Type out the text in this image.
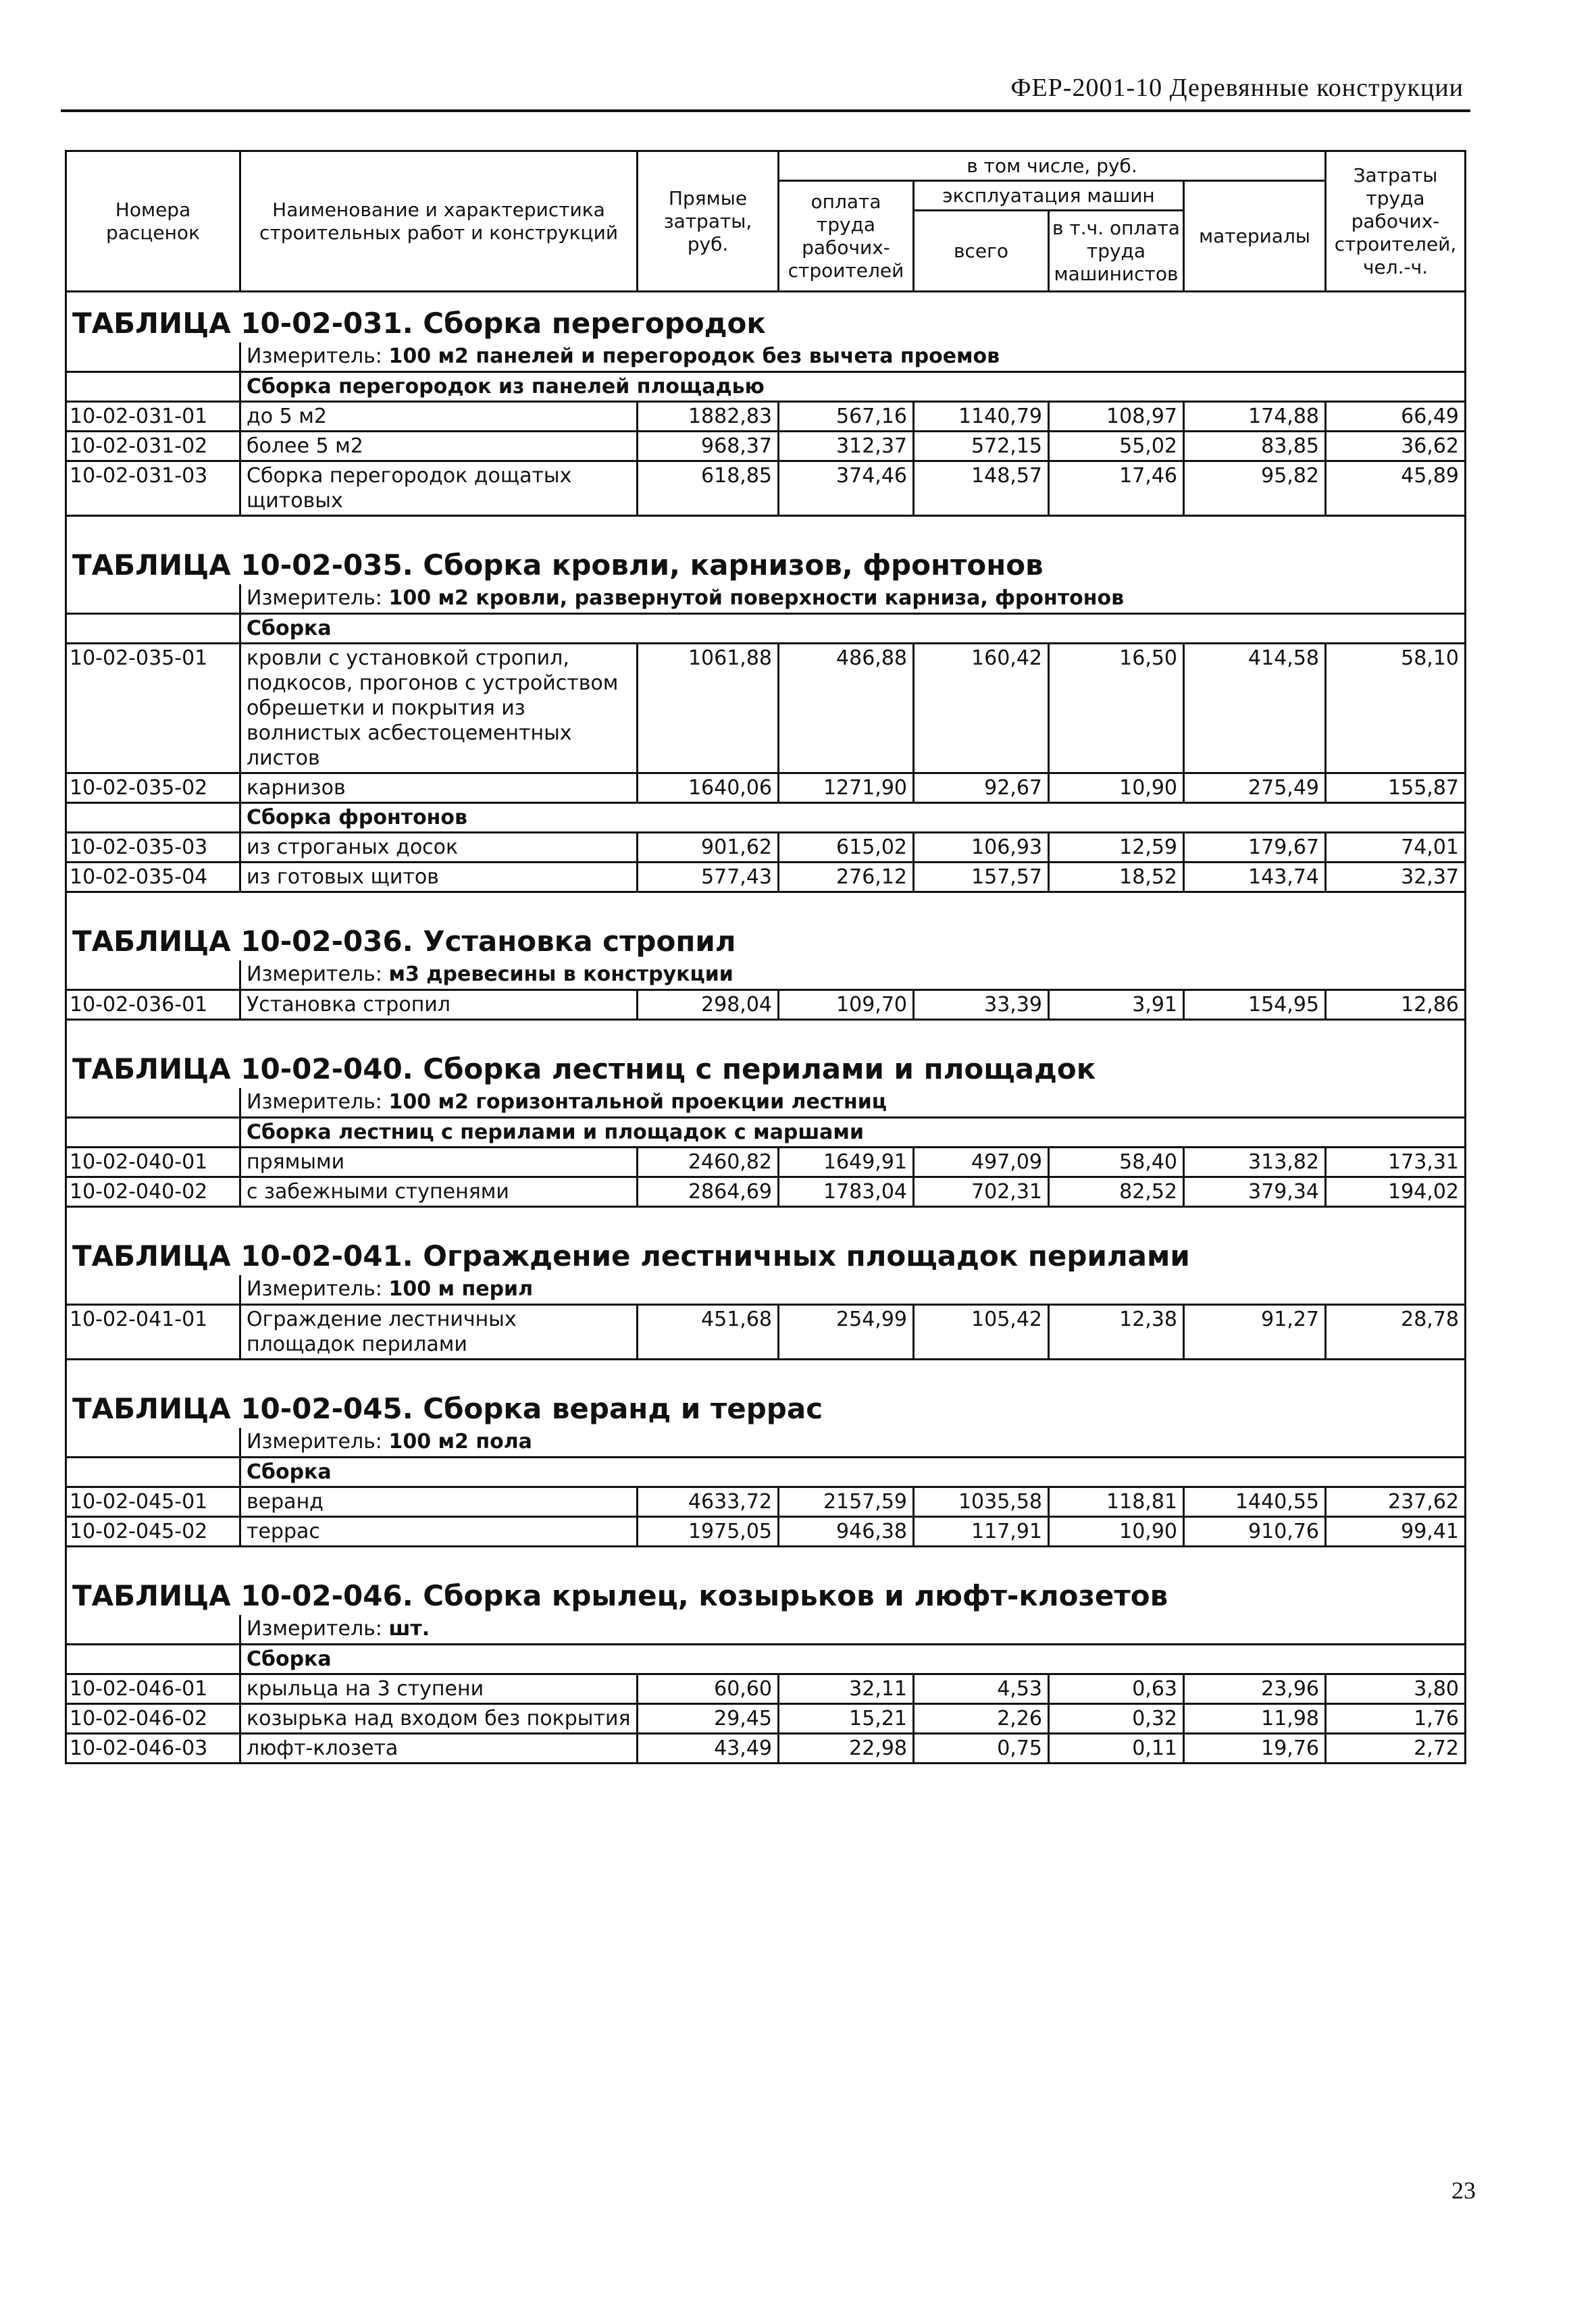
ФЕР-2001-10 Деревянные конструкции
Номера расценок	Наименование и характеристика строительных работ и конструкций	Прямые затраты, руб.	в том числе, руб.				Затраты труда рабочих-строителей, чел.-ч.
			оплата труда рабочих-строителей	эксплуатация машин		материалы	
				всего	в т.ч. оплата труда машинистов		

ТАБЛИЦА 10-02-031. Сборка перегородок							
	Измеритель: 100 м2 панелей и перегородок без вычета проемов						
	Сборка перегородок из панелей площадью						
10-02-031-01	до 5 м2	1882,83	567,16	1140,79	108,97	174,88	66,49
10-02-031-02	более 5 м2	968,37	312,37	572,15	55,02	83,85	36,62
10-02-031-03	Сборка перегородок дощатых щитовых	618,85	374,46	148,57	17,46	95,82	45,89

ТАБЛИЦА 10-02-035. Сборка кровли, карнизов, фронтонов							
	Измеритель: 100 м2 кровли, развернутой поверхности карниза, фронтонов						
	Сборка						
10-02-035-01	кровли с установкой стропил, подкосов, прогонов с устройством обрешетки и покрытия из волнистых асбестоцементных листов	1061,88	486,88	160,42	16,50	414,58	58,10
10-02-035-02	карнизов	1640,06	1271,90	92,67	10,90	275,49	155,87
	Сборка фронтонов						
10-02-035-03	из строганых досок	901,62	615,02	106,93	12,59	179,67	74,01
10-02-035-04	из готовых щитов	577,43	276,12	157,57	18,52	143,74	32,37

ТАБЛИЦА 10-02-036. Установка стропил							
	Измеритель: м3 древесины в конструкции						
10-02-036-01	Установка стропил	298,04	109,70	33,39	3,91	154,95	12,86

ТАБЛИЦА 10-02-040. Сборка лестниц с перилами и площадок							
	Измеритель: 100 м2 горизонтальной проекции лестниц						
	Сборка лестниц с перилами и площадок с маршами						
10-02-040-01	прямыми	2460,82	1649,91	497,09	58,40	313,82	173,31
10-02-040-02	с забежными ступенями	2864,69	1783,04	702,31	82,52	379,34	194,02

ТАБЛИЦА 10-02-041. Ограждение лестничных площадок перилами							
	Измеритель: 100 м перил						
10-02-041-01	Ограждение лестничных площадок перилами	451,68	254,99	105,42	12,38	91,27	28,78

ТАБЛИЦА 10-02-045. Сборка веранд и террас							
	Измеритель: 100 м2 пола						
	Сборка						
10-02-045-01	веранд	4633,72	2157,59	1035,58	118,81	1440,55	237,62
10-02-045-02	террас	1975,05	946,38	117,91	10,90	910,76	99,41

ТАБЛИЦА 10-02-046. Сборка крылец, козырьков и люфт-клозетов							
	Измеритель: шт.						
	Сборка						
10-02-046-01	крыльца на 3 ступени	60,60	32,11	4,53	0,63	23,96	3,80
10-02-046-02	козырька над входом без покрытия	29,45	15,21	2,26	0,32	11,98	1,76
10-02-046-03	люфт-клозета	43,49	22,98	0,75	0,11	19,76	2,72
23
